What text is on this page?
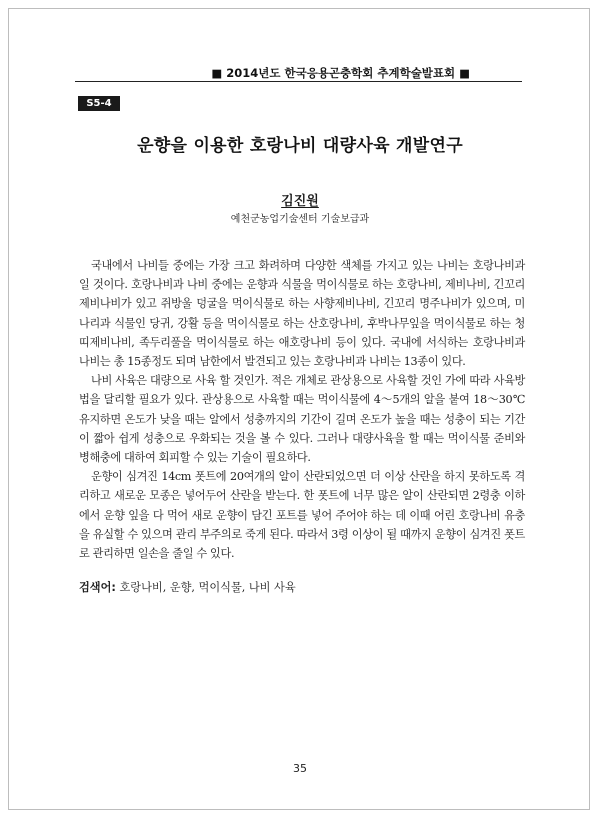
■ 2014년도 한국응용곤충학회 추계학술발표회 ■
S5-4
운향을 이용한 호랑나비 대량사육 개발연구
김진원
예천군농업기술센터 기술보급과

국내에서 나비들 중에는 가장 크고 화려하며 다양한 색체를 가지고 있는 나비는 호랑나비과 일 것이다. 호랑나비과 나비 중에는 운향과 식물을 먹이식물로 하는 호랑나비, 제비나비, 긴꼬리제비나비가 있고 쥐방울 덩굴을 먹이식물로 하는 사향제비나비, 긴꼬리 명주나비가 있으며, 미나리과 식물인 당귀, 강활 등을 먹이식물로 하는 산호랑나비, 후박나무잎을 먹이식물로 하는 청띠제비나비, 족두리풀을 먹이식물로 하는 애호랑나비 등이 있다. 국내에 서식하는 호랑나비과 나비는 총 15종정도 되며 남한에서 발견되고 있는 호랑나비과 나비는 13종이 있다.

나비 사육은 대량으로 사육 할 것인가. 적은 개체로 관상용으로 사육할 것인 가에 따라 사육방법을 달리할 필요가 있다. 관상용으로 사육할 때는 먹이식물에 4～5개의 알을 붙여 18～30℃ 유지하면 온도가 낮을 때는 알에서 성충까지의 기간이 길며 온도가 높을 때는 성충이 되는 기간이 짧아 쉽게 성충으로 우화되는 것을 볼 수 있다. 그러나 대량사육을 할 때는 먹이식물 준비와 병해충에 대하여 회피할 수 있는 기술이 필요하다.

운향이 심겨진 14cm 폿트에 20여개의 알이 산란되었으면 더 이상 산란을 하지 못하도록 격리하고 새로운 모종은 넣어두어 산란을 받는다. 한 폿트에 너무 많은 알이 산란되면 2령충 이하에서 운향 잎을 다 먹어 새로 운향이 담긴 포트를 넣어 주어야 하는 데 이때 어린 호랑나비 유충을 유실할 수 있으며 관리 부주의로 죽게 된다. 따라서 3령 이상이 될 때까지 운향이 심겨진 폿트로 관리하면 일손을 줄일 수 있다.

검색어: 호랑나비, 운향, 먹이식물, 나비 사육
35
